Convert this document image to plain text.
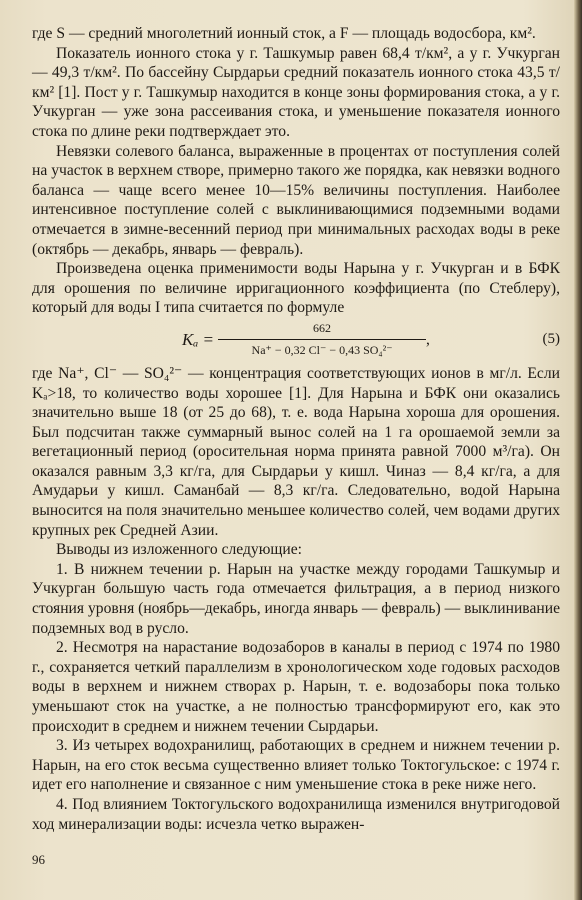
где S — средний многолетний ионный сток, а F — площадь водосбора, км².

Показатель ионного стока у г. Ташкумыр равен 68,4 т/км², а у г. Учкурган — 49,3 т/км². По бассейну Сырдарьи средний показатель ионного стока 43,5 т/км² [1]. Пост у г. Ташкумыр находится в конце зоны формирования стока, а у г. Учкурган — уже зона рассеивания стока, и уменьшение показателя ионного стока по длине реки подтверждает это.

Невязки солевого баланса, выраженные в процентах от поступления солей на участок в верхнем створе, примерно такого же порядка, как невязки водного баланса — чаще всего менее 10—15% величины поступления. Наиболее интенсивное поступление солей с выклинивающимися подземными водами отмечается в зимне-весенний период при минимальных расходах воды в реке (октябрь — декабрь, январь — февраль).

Произведена оценка применимости воды Нарына у г. Учкурган и в БФК для орошения по величине ирригационного коэффициента (по Стеблеру), который для воды I типа считается по формуле

$K_a = \frac{662}{\text{Na⁺ − 0,32 Cl⁻ − 0,43 SO₄²⁻}}$ ,	(5)

где Na⁺, Cl⁻ — SO₄²⁻ — концентрация соответствующих ионов в мг/л. Если Kₐ>18, то количество воды хорошее [1]. Для Нарына и БФК они оказались значительно выше 18 (от 25 до 68), т. е. вода Нарына хороша для орошения. Был подсчитан также суммарный вынос солей на 1 га орошаемой земли за вегетационный период (оросительная норма принята равной 7000 м³/га). Он оказался равным 3,3 кг/га, для Сырдарьи у кишл. Чиназ — 8,4 кг/га, а для Амударьи у кишл. Саманбай — 8,3 кг/га. Следовательно, водой Нарына выносится на поля значительно меньшее количество солей, чем водами других крупных рек Средней Азии.

Выводы из изложенного следующие:

1. В нижнем течении р. Нарын на участке между городами Ташкумыр и Учкурган большую часть года отмечается фильтрация, а в период низкого стояния уровня (ноябрь—декабрь, иногда январь — февраль) — выклинивание подземных вод в русло.

2. Несмотря на нарастание водозаборов в каналы в период с 1974 по 1980 г., сохраняется четкий параллелизм в хронологическом ходе годовых расходов воды в верхнем и нижнем створах р. Нарын, т. е. водозаборы пока только уменьшают сток на участке, а не полностью трансформируют его, как это происходит в среднем и нижнем течении Сырдарьи.

3. Из четырех водохранилищ, работающих в среднем и нижнем течении р. Нарын, на его сток весьма существенно влияет только Токтогульское: с 1974 г. идет его наполнение и связанное с ним уменьшение стока в реке ниже него.

4. Под влиянием Токтогульского водохранилища изменился внутригодовой ход минерализации воды: исчезла четко выражен-

96
